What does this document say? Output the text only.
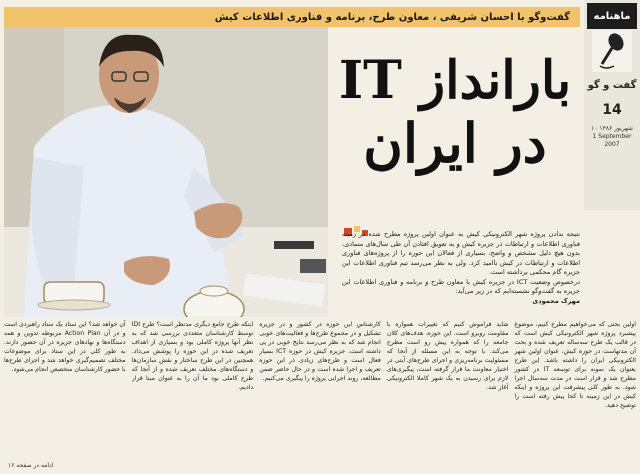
گفت‌وگو با احسان شریفی ، معاون طرح، برنامه و فناوری اطلاعات کیش ماهنامه
گفت و گو
14
۱۰ شهریور ۱۳۸۶
1 September 2007
بارانداز IT
در ایران
نتیجه ندادن پروژه شهر الکترونیکی کیش به عنوان اولین پروژه مطرح شده در زمینه فناوری اطلاعات و ارتباطات در جزیره کیش و به تعویق افتادن آن طی سال‌های متمادی، بدون هیچ دلیل مشخص و واضح، بسیاری از فعالان این حوزه را از پروژه‌های فناوری اطلاعات و ارتباطات در کیش ناامید کرد. ولی به نظر می‌رسد تیم فناوری اطلاعات این جزیره گام محکمی برداشته است.
درخصوص وضعیت ICT در جزیره کیش با معاون طرح و برنامه و فناوری اطلاعات این جزیره به گفت‌وگو نشسته‌ایم که در زیر می‌آید:
مهرک محمودی
اولین بحثی که می‌خواهیم مطرح کنیم، موضوع پیشبرد پروژه شهر الکترونیکی کیش است که در قالب یک طرح سه‌ساله تعریف شده و بحث آن مدتهاست در حوزه کیش، عنوان اولین شهر الکترونیکی ایران را داشته باشد. این طرح بعنوان یک نمونه برای توسعه IT در کشور مطرح شد و قرار است در مدت سه‌سال اجرا شود. به طور کلی پیشرفت این پروژه و اینکه کیش در این زمینه تا کجا پیش رفته است را توضیح دهید.
شاید فراموش کنیم که تغییرات همواره با مقاومت روبرو است. این حوزه، هدف‌های کلان جامعه را که همواره پیش رو است مطرح می‌کند. با توجه به این مسئله از آنجا که مسئولیت برنامه‌ریزی و اجرای طرح‌های آیتی در اختیار معاونت ما قرار گرفته است، پیگیری‌های لازم برای رسیدن به یک شهر کاملا الکترونیکی آغاز شد.
کارشناس این حوزه در کشور و در جزیره تشکیل و در مجموع طرح‌ها و فعالیت‌های خوبی انجام شد که به نظر می‌رسد نتایج خوبی در پی داشته است. جزیره کیش در حوزه ICT بسیار فعال است و طرح‌های زیادی در این حوزه تعریف و اجرا شده است و در حال حاضر ضمن مطالعه، روند اجرایی پروژه را پیگیری می‌کنیم.
اینکه طرح جامع دیگری مدنظر است؟ طرح IDI توسط کارشناسان متعددی بررسی شد که به نظر آنها پروژه کاملی بود و بسیاری از اهداف تعریف شده در این حوزه را پوشش می‌داد. همچنین در این طرح ساختار و نقش سازمان‌ها و دستگاه‌های مختلف تعریف شده و از آنجا که طرح کاملی بود ما آن را به عنوان مبنا قرار دادیم.
آن خواهد شد؟ این ستاد یک ستاد راهبردی است و در آن Action Plan مربوطه تدوین و همه دستگاه‌ها و نهادهای جزیره در آن حضور دارند. به طور کلی در این ستاد برای موضوعات مختلف تصمیم‌گیری خواهد شد و اجرای طرح‌ها با حضور کارشناسان متخصص انجام می‌شود.
ادامه در صفحه ۱۶
